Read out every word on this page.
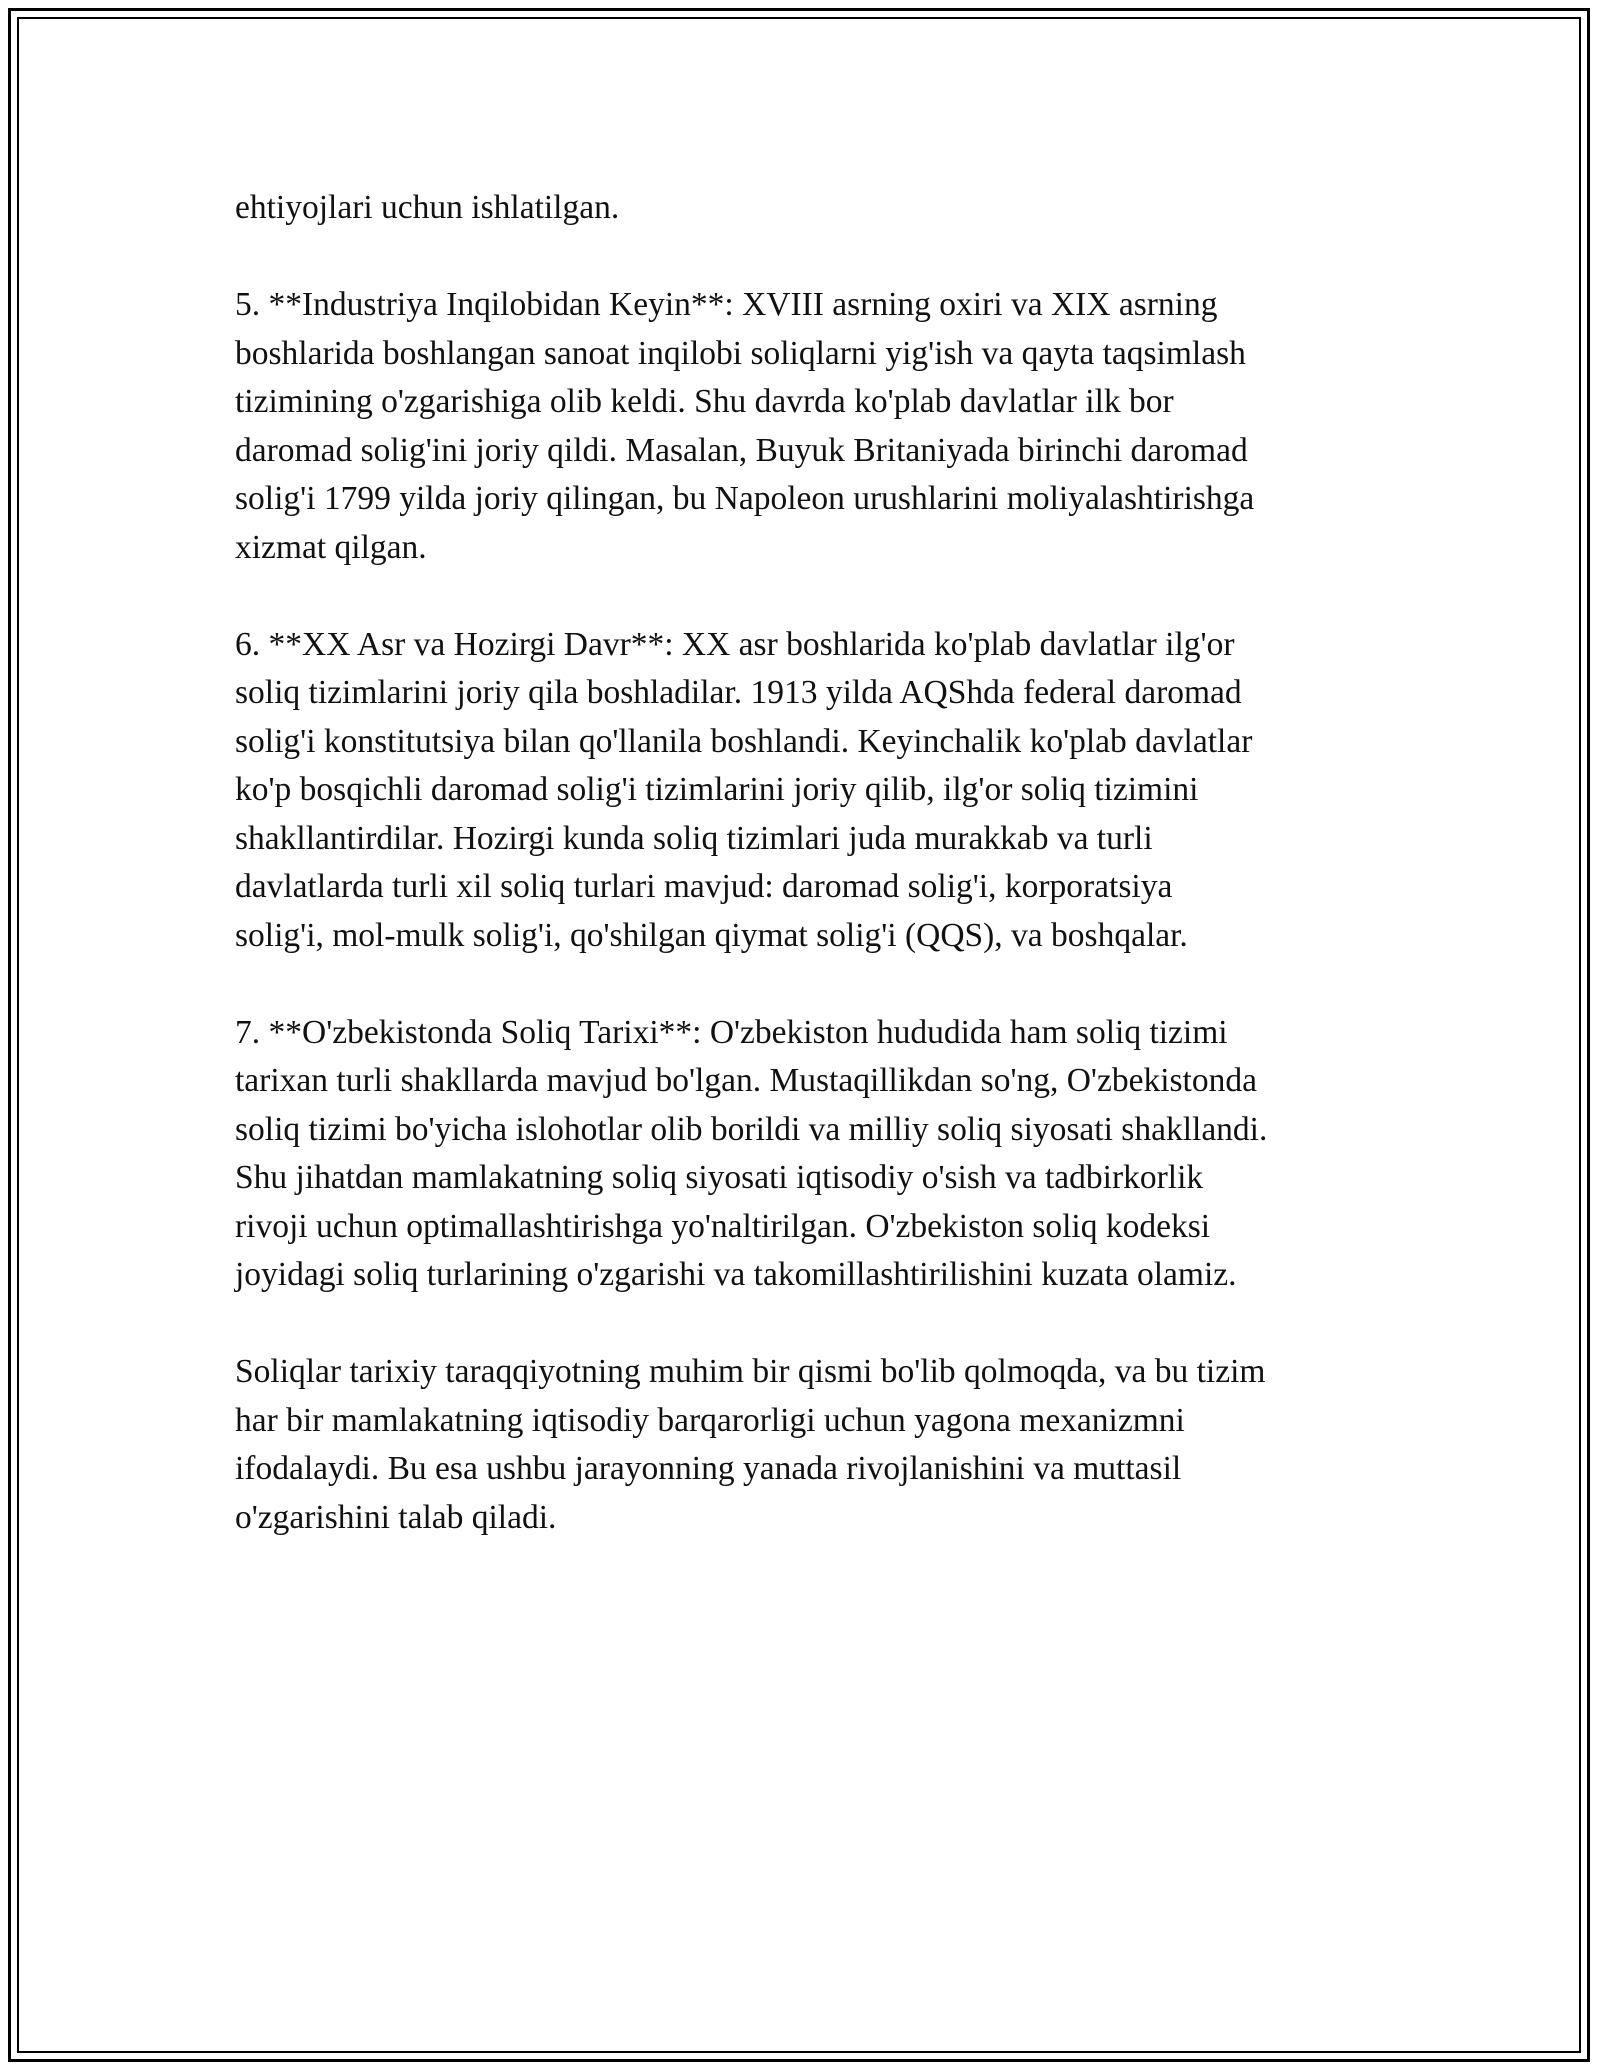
ehtiyojlari uchun ishlatilgan.

5. **Industriya Inqilobidan Keyin**: XVIII asrning oxiri va XIX asrning
boshlarida boshlangan sanoat inqilobi soliqlarni yig'ish va qayta taqsimlash
tizimining o'zgarishiga olib keldi. Shu davrda ko'plab davlatlar ilk bor
daromad solig'ini joriy qildi. Masalan, Buyuk Britaniyada birinchi daromad
solig'i 1799 yilda joriy qilingan, bu Napoleon urushlarini moliyalashtirishga
xizmat qilgan.

6. **XX Asr va Hozirgi Davr**: XX asr boshlarida ko'plab davlatlar ilg'or
soliq tizimlarini joriy qila boshladilar. 1913 yilda AQShda federal daromad
solig'i konstitutsiya bilan qo'llanila boshlandi. Keyinchalik ko'plab davlatlar
ko'p bosqichli daromad solig'i tizimlarini joriy qilib, ilg'or soliq tizimini
shakllantirdilar. Hozirgi kunda soliq tizimlari juda murakkab va turli
davlatlarda turli xil soliq turlari mavjud: daromad solig'i, korporatsiya
solig'i, mol-mulk solig'i, qo'shilgan qiymat solig'i (QQS), va boshqalar.

7. **O'zbekistonda Soliq Tarixi**: O'zbekiston hududida ham soliq tizimi
tarixan turli shakllarda mavjud bo'lgan. Mustaqillikdan so'ng, O'zbekistonda
soliq tizimi bo'yicha islohotlar olib borildi va milliy soliq siyosati shakllandi.
Shu jihatdan mamlakatning soliq siyosati iqtisodiy o'sish va tadbirkorlik
rivoji uchun optimallashtirishga yo'naltirilgan. O'zbekiston soliq kodeksi
joyidagi soliq turlarining o'zgarishi va takomillashtirilishini kuzata olamiz.

Soliqlar tarixiy taraqqiyotning muhim bir qismi bo'lib qolmoqda, va bu tizim
har bir mamlakatning iqtisodiy barqarorligi uchun yagona mexanizmni
ifodalaydi. Bu esa ushbu jarayonning yanada rivojlanishini va muttasil
o'zgarishini talab qiladi.
